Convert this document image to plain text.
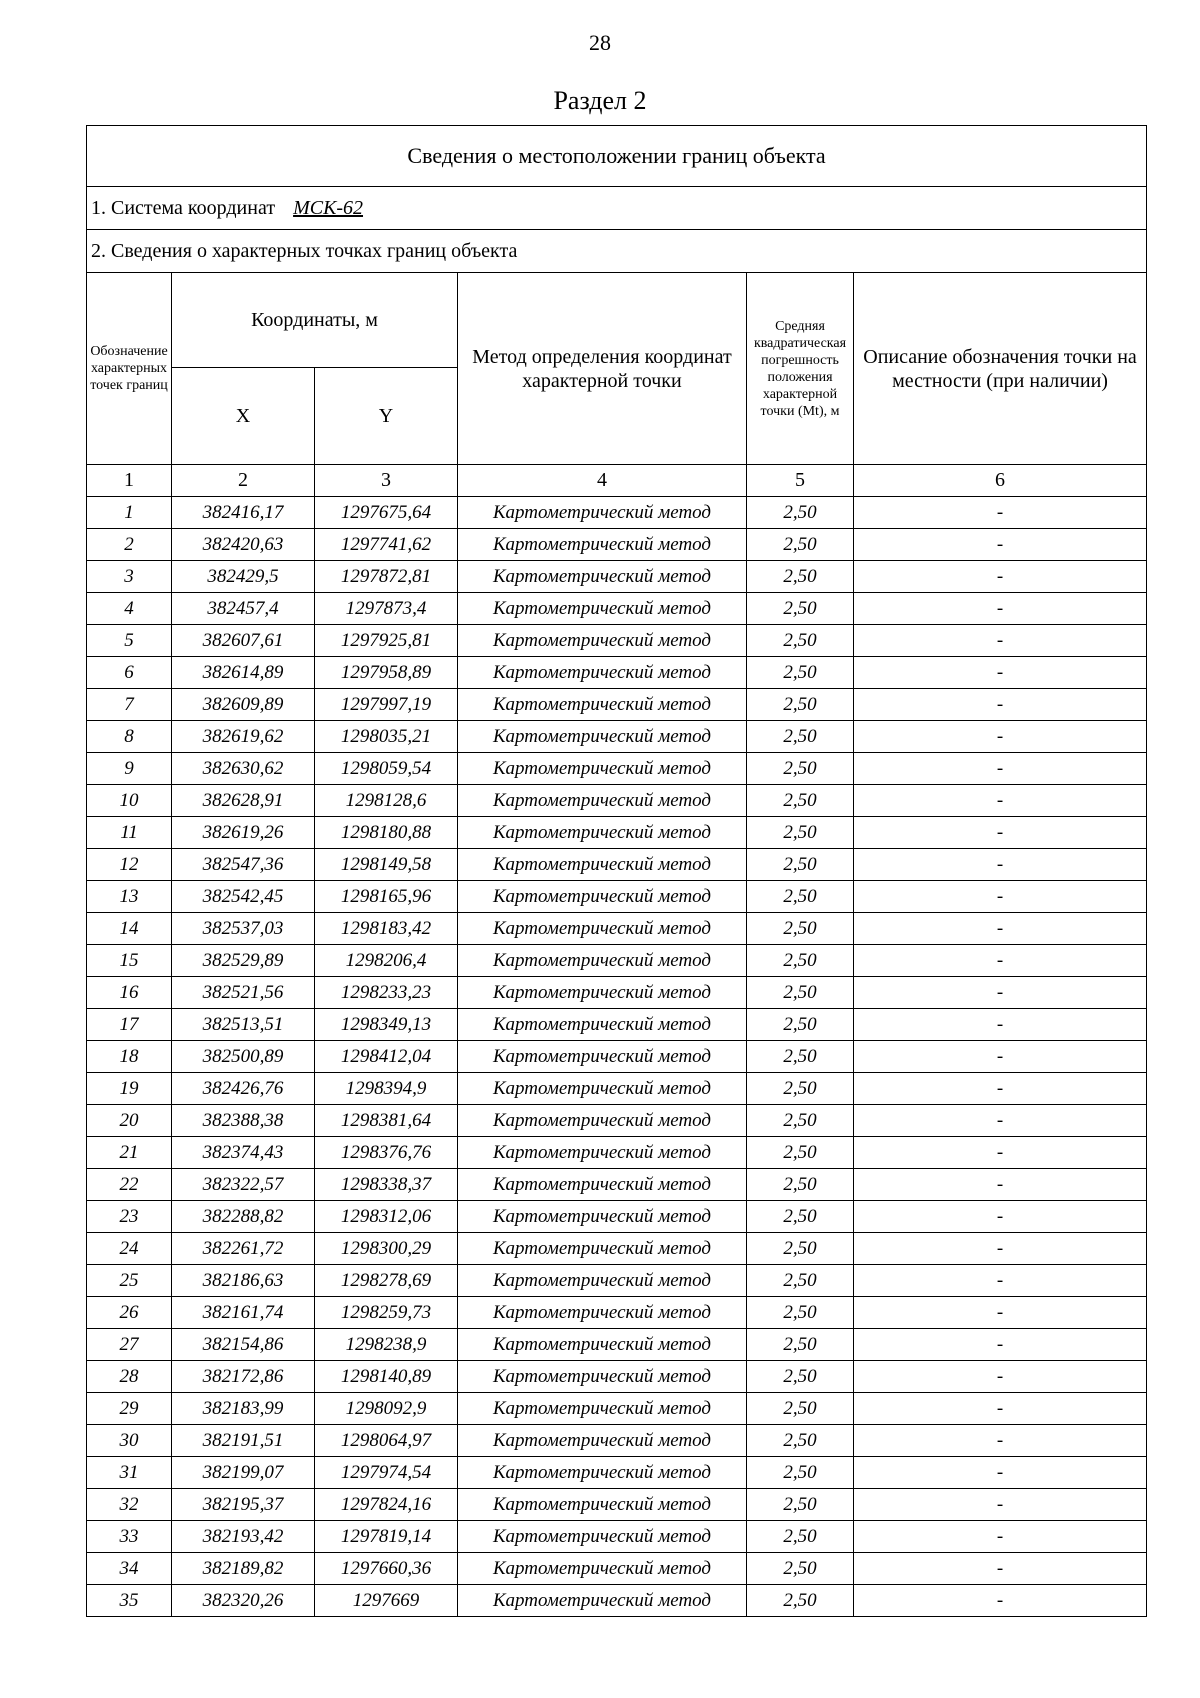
28
Раздел 2
Сведения о местоположении границ объекта					
1. Система координат МСК-62					
2. Сведения о характерных точках границ объекта					
Обозначение характерных точек границ	Координаты, м		Метод определения координат характерной точки	Средняя квадратическая погрешность положения характерной точки (Mt), м	Описание обозначения точки на местности (при наличии)
	X	Y			
1	2	3	4	5	6
1	382416,17	1297675,64	Картометрический метод	2,50	-
2	382420,63	1297741,62	Картометрический метод	2,50	-
3	382429,5	1297872,81	Картометрический метод	2,50	-
4	382457,4	1297873,4	Картометрический метод	2,50	-
5	382607,61	1297925,81	Картометрический метод	2,50	-
6	382614,89	1297958,89	Картометрический метод	2,50	-
7	382609,89	1297997,19	Картометрический метод	2,50	-
8	382619,62	1298035,21	Картометрический метод	2,50	-
9	382630,62	1298059,54	Картометрический метод	2,50	-
10	382628,91	1298128,6	Картометрический метод	2,50	-
11	382619,26	1298180,88	Картометрический метод	2,50	-
12	382547,36	1298149,58	Картометрический метод	2,50	-
13	382542,45	1298165,96	Картометрический метод	2,50	-
14	382537,03	1298183,42	Картометрический метод	2,50	-
15	382529,89	1298206,4	Картометрический метод	2,50	-
16	382521,56	1298233,23	Картометрический метод	2,50	-
17	382513,51	1298349,13	Картометрический метод	2,50	-
18	382500,89	1298412,04	Картометрический метод	2,50	-
19	382426,76	1298394,9	Картометрический метод	2,50	-
20	382388,38	1298381,64	Картометрический метод	2,50	-
21	382374,43	1298376,76	Картометрический метод	2,50	-
22	382322,57	1298338,37	Картометрический метод	2,50	-
23	382288,82	1298312,06	Картометрический метод	2,50	-
24	382261,72	1298300,29	Картометрический метод	2,50	-
25	382186,63	1298278,69	Картометрический метод	2,50	-
26	382161,74	1298259,73	Картометрический метод	2,50	-
27	382154,86	1298238,9	Картометрический метод	2,50	-
28	382172,86	1298140,89	Картометрический метод	2,50	-
29	382183,99	1298092,9	Картометрический метод	2,50	-
30	382191,51	1298064,97	Картометрический метод	2,50	-
31	382199,07	1297974,54	Картометрический метод	2,50	-
32	382195,37	1297824,16	Картометрический метод	2,50	-
33	382193,42	1297819,14	Картометрический метод	2,50	-
34	382189,82	1297660,36	Картометрический метод	2,50	-
35	382320,26	1297669	Картометрический метод	2,50	-
